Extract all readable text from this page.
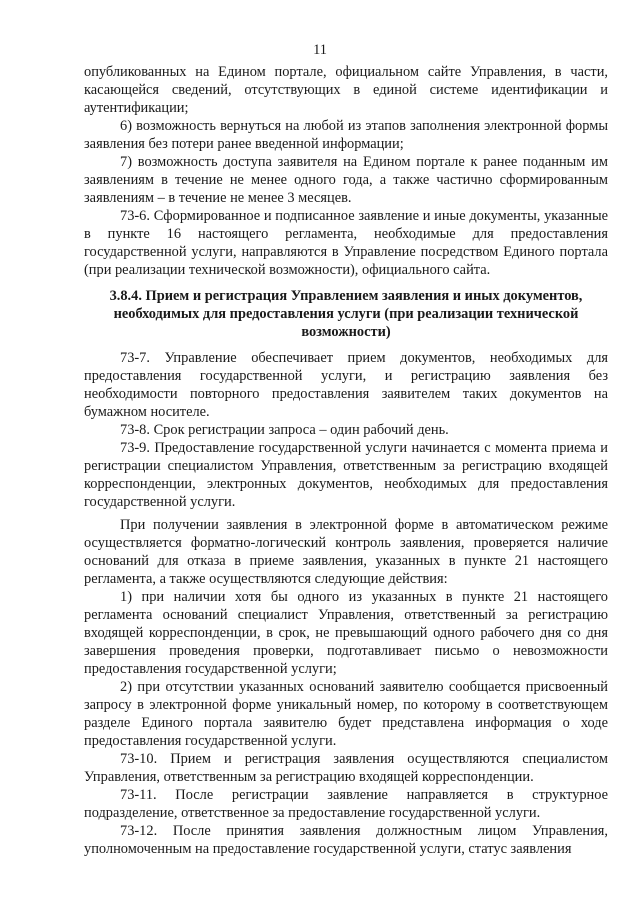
11

опубликованных на Едином портале, официальном сайте Управления, в части, касающейся сведений, отсутствующих в единой системе идентификации и аутентификации;

6) возможность вернуться на любой из этапов заполнения электронной формы заявления без потери ранее введенной информации;

7) возможность доступа заявителя на Едином портале к ранее поданным им заявлениям в течение не менее одного года, а также частично сформированным заявлениям – в течение не менее 3 месяцев.

73-6. Сформированное и подписанное заявление и иные документы, указанные в пункте 16 настоящего регламента, необходимые для предоставления государственной услуги, направляются в Управление посредством Единого портала (при реализации технической возможности), официального сайта.

3.8.4. Прием и регистрация Управлением заявления и иных документов, необходимых для предоставления услуги (при реализации технической возможности)

73-7. Управление обеспечивает прием документов, необходимых для предоставления государственной услуги, и регистрацию заявления без необходимости повторного предоставления заявителем таких документов на бумажном носителе.

73-8. Срок регистрации запроса – один рабочий день.

73-9. Предоставление государственной услуги начинается с момента приема и регистрации специалистом Управления, ответственным за регистрацию входящей корреспонденции, электронных документов, необходимых для предоставления государственной услуги.

При получении заявления в электронной форме в автоматическом режиме осуществляется форматно-логический контроль заявления, проверяется наличие оснований для отказа в приеме заявления, указанных в пункте 21 настоящего регламента, а также осуществляются следующие действия:

1) при наличии хотя бы одного из указанных в пункте 21 настоящего регламента оснований специалист Управления, ответственный за регистрацию входящей корреспонденции, в срок, не превышающий одного рабочего дня со дня завершения проведения проверки, подготавливает письмо о невозможности предоставления государственной услуги;

2) при отсутствии указанных оснований заявителю сообщается присвоенный запросу в электронной форме уникальный номер, по которому в соответствующем разделе Единого портала заявителю будет представлена информация о ходе предоставления государственной услуги.

73-10. Прием и регистрация заявления осуществляются специалистом Управления, ответственным за регистрацию входящей корреспонденции.

73-11. После регистрации заявление направляется в структурное подразделение, ответственное за предоставление государственной услуги.

73-12. После принятия заявления должностным лицом Управления, уполномоченным на предоставление государственной услуги, статус заявления
